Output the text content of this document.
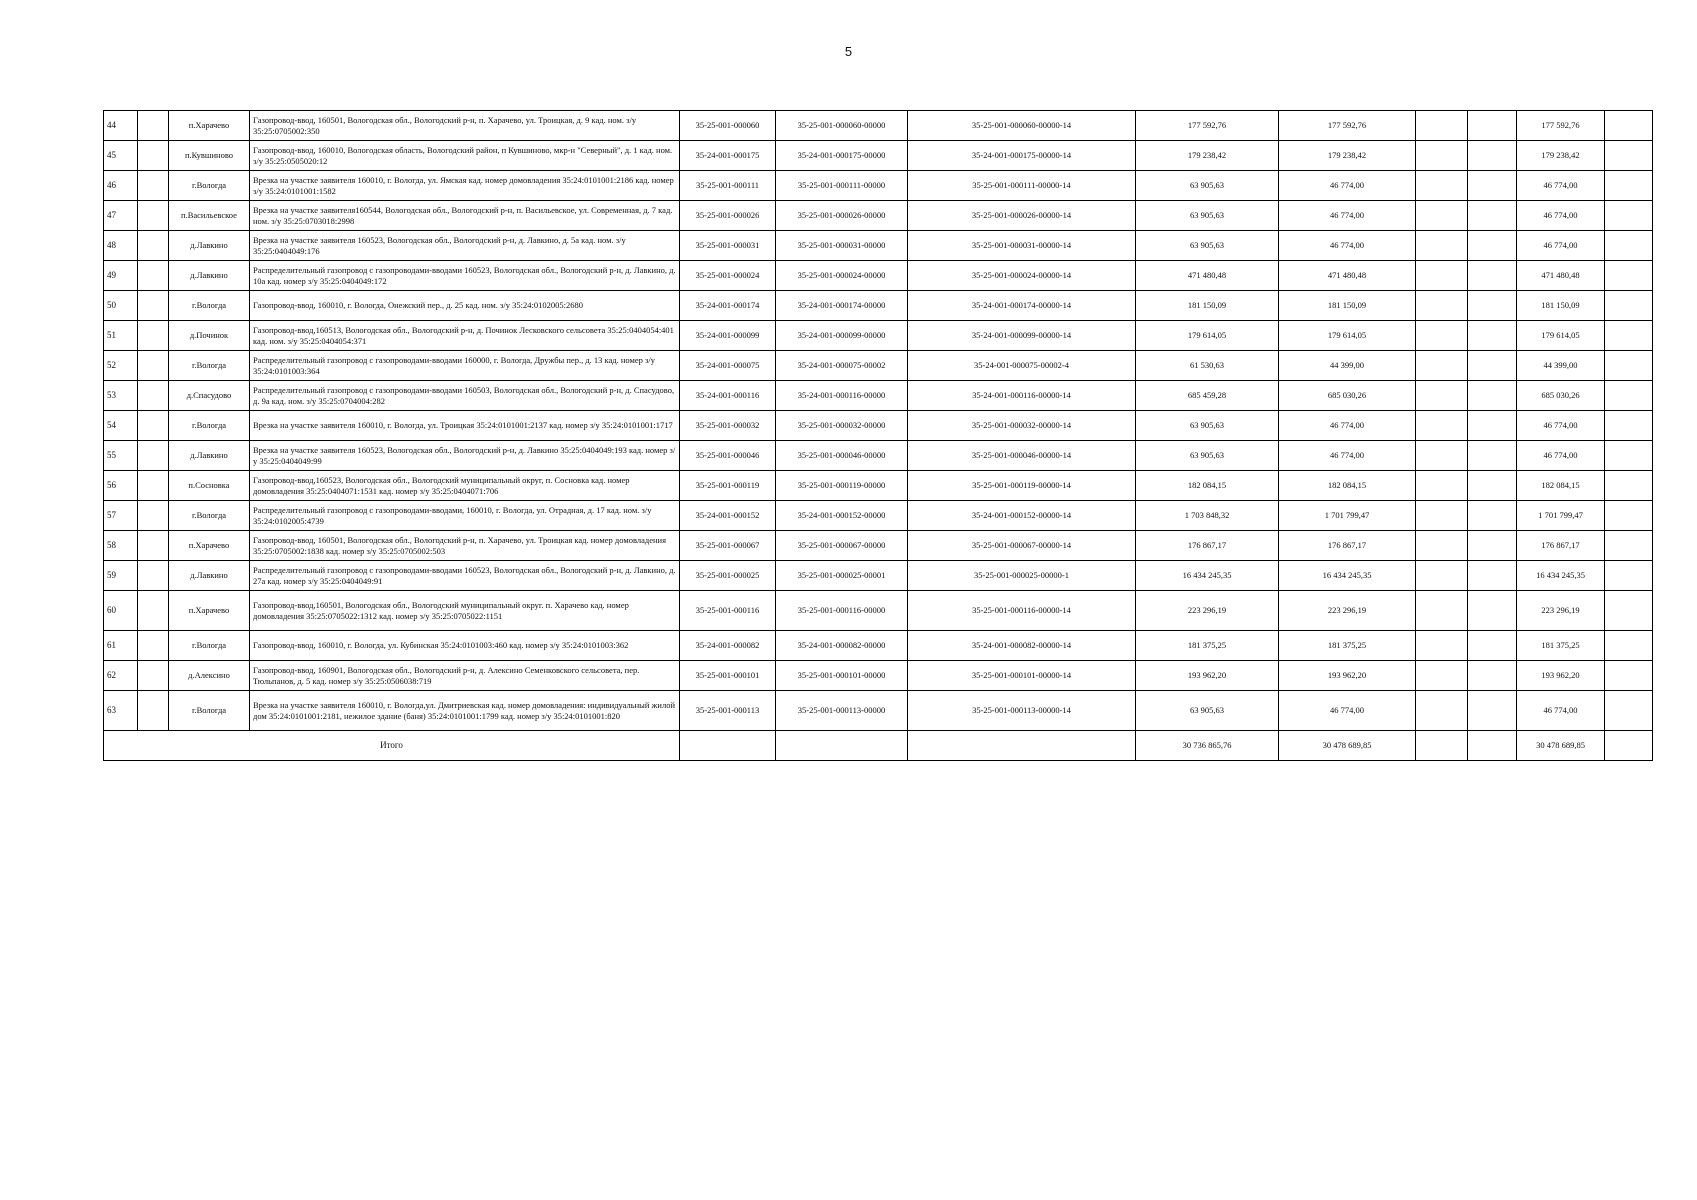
5
44		п.Харачево	Газопровод-ввод, 160501, Вологодская обл., Вологодский р-н, п. Харачево, ул. Троицкая, д. 9 кад. ном. з/у 35:25:0705002:350	35-25-001-000060	35-25-001-000060-00000	35-25-001-000060-00000-14	177 592,76	177 592,76			177 592,76	
45		п.Кувшиново	Газопровод-ввод, 160010, Вологодская область, Вологодский район, п Кувшиново, мкр-н "Северный", д. 1 кад. ном. з/у 35:25:0505020:12	35-24-001-000175	35-24-001-000175-00000	35-24-001-000175-00000-14	179 238,42	179 238,42			179 238,42	
46		г.Вологда	Врезка на участке заявителя 160010, г. Вологда, ул. Ямская кад. номер домовладения 35:24:0101001:2186 кад. номер з/у 35:24:0101001:1582	35-25-001-000111	35-25-001-000111-00000	35-25-001-000111-00000-14	63 905,63	46 774,00			46 774,00	
47		п.Васильевское	Врезка на участке заявителя160544, Вологодская обл., Вологодский р-н, п. Васильевское, ул. Современная, д. 7 кад. ном. з/у 35:25:0703018:2998	35-25-001-000026	35-25-001-000026-00000	35-25-001-000026-00000-14	63 905,63	46 774,00			46 774,00	
48		д.Лавкино	Врезка на участке заявителя 160523, Вологодская обл., Вологодский р-н, д. Лавкино, д. 5а кад. ном. з/у 35:25:0404049:176	35-25-001-000031	35-25-001-000031-00000	35-25-001-000031-00000-14	63 905,63	46 774,00			46 774,00	
49		д.Лавкино	Распределительный газопровод с газопроводами-вводами 160523, Вологодская обл., Вологодский р-н, д. Лавкино, д. 10а кад. номер з/у 35:25:0404049:172	35-25-001-000024	35-25-001-000024-00000	35-25-001-000024-00000-14	471 480,48	471 480,48			471 480,48	
50		г.Вологда	Газопровод-ввод, 160010, г. Вологда, Онежский пер., д. 25 кад. ном. з/у 35:24:0102005:2680	35-24-001-000174	35-24-001-000174-00000	35-24-001-000174-00000-14	181 150,09	181 150,09			181 150,09	
51		д.Починок	Газопровод-ввод,160513, Вологодская обл., Вологодский р-н, д. Починок Лесковского сельсовета 35:25:0404054:401 кад. ном. з/у 35:25:0404054:371	35-24-001-000099	35-24-001-000099-00000	35-24-001-000099-00000-14	179 614,05	179 614,05			179 614,05	
52		г.Вологда	Распределительный газопровод с газопроводами-вводами 160000, г. Вологда, Дружбы пер., д. 13 кад. номер з/у 35:24:0101003:364	35-24-001-000075	35-24-001-000075-00002	35-24-001-000075-00002-4	61 530,63	44 399,00			44 399,00	
53		д.Спасудово	Распределительный газопровод с газопроводами-вводами 160503, Вологодская обл., Вологодский р-н, д. Спасудово, д. 9а кад. ном. з/у 35:25:0704004:282	35-24-001-000116	35-24-001-000116-00000	35-24-001-000116-00000-14	685 459,28	685 030,26			685 030,26	
54		г.Вологда	Врезка на участке заявителя 160010, г. Вологда, ул. Троицкая 35:24:0101001:2137 кад. номер з/у 35:24:0101001:1717	35-25-001-000032	35-25-001-000032-00000	35-25-001-000032-00000-14	63 905,63	46 774,00			46 774,00	
55		д.Лавкино	Врезка на участке заявителя 160523, Вологодская обл., Вологодский р-н, д. Лавкино 35:25:0404049:193 кад. номер з/у 35:25:0404049:99	35-25-001-000046	35-25-001-000046-00000	35-25-001-000046-00000-14	63 905,63	46 774,00			46 774,00	
56		п.Сосновка	Газопровод-ввод,160523, Вологодская обл., Вологодский муниципальный округ, п. Сосновка кад. номер домовладения 35:25:0404071:1531 кад. номер з/у 35:25:0404071:706	35-25-001-000119	35-25-001-000119-00000	35-25-001-000119-00000-14	182 084,15	182 084,15			182 084,15	
57		г.Вологда	Распределительный газопровод с газопроводами-вводами, 160010, г. Вологда, ул. Отрадная, д. 17 кад. ном. з/у 35:24:0102005:4739	35-24-001-000152	35-24-001-000152-00000	35-24-001-000152-00000-14	1 703 848,32	1 701 799,47			1 701 799,47	
58		п.Харачево	Газопровод-ввод, 160501, Вологодская обл., Вологодский р-н, п. Харачево, ул. Троицкая кад. номер домовладения 35:25:0705002:1838 кад. номер з/у 35:25:0705002:503	35-25-001-000067	35-25-001-000067-00000	35-25-001-000067-00000-14	176 867,17	176 867,17			176 867,17	
59		д.Лавкино	Распределительный газопровод с газопроводами-вводами 160523, Вологодская обл., Вологодский р-н, д. Лавкино, д. 27а кад. номер з/у 35:25:0404049:91	35-25-001-000025	35-25-001-000025-00001	35-25-001-000025-00000-1	16 434 245,35	16 434 245,35			16 434 245,35	
60		п.Харачево	Газопровод-ввод,160501, Вологодская обл., Вологодский муниципальный округ. п. Харачево кад. номер домовладения 35:25:0705022:1312 кад. номер з/у 35:25:0705022:1151	35-25-001-000116	35-25-001-000116-00000	35-25-001-000116-00000-14	223 296,19	223 296,19			223 296,19	
61		г.Вологда	Газопровод-ввод, 160010, г. Вологда, ул. Кубинская 35:24:0101003:460 кад. номер з/у 35:24:0101003:362	35-24-001-000082	35-24-001-000082-00000	35-24-001-000082-00000-14	181 375,25	181 375,25			181 375,25	
62		д.Алексино	Газопровод-ввод, 160901, Вологодская обл., Вологодский р-н, д. Алексино Семенковского сельсовета, пер. Тюльпанов, д. 5 кад. номер з/у 35:25:0506038:719	35-25-001-000101	35-25-001-000101-00000	35-25-001-000101-00000-14	193 962,20	193 962,20			193 962,20	
63		г.Вологда	Врезка на участке заявителя 160010, г. Вологда,ул. Дмитриевская кад. номер домовладения: индивидуальный жилой дом 35:24:0101001:2181, нежилое здание (баня) 35:24:0101001:1799 кад. номер з/у 35:24:0101001:820	35-25-001-000113	35-25-001-000113-00000	35-25-001-000113-00000-14	63 905,63	46 774,00			46 774,00	
Итого							30 736 865,76	30 478 689,85			30 478 689,85	
